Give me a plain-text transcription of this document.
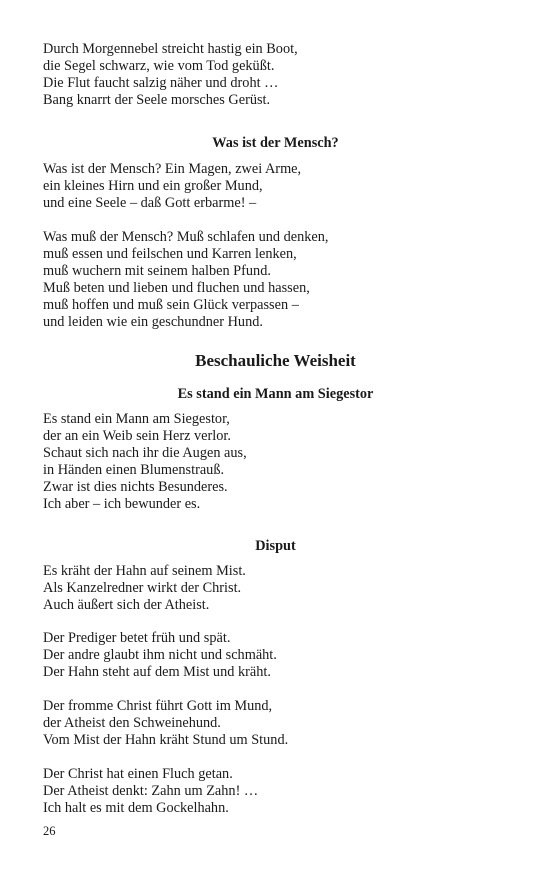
Durch Morgennebel streicht hastig ein Boot,
die Segel schwarz, wie vom Tod geküßt.
Die Flut faucht salzig näher und droht …
Bang knarrt der Seele morsches Gerüst.
Was ist der Mensch?
Was ist der Mensch? Ein Magen, zwei Arme,
ein kleines Hirn und ein großer Mund,
und eine Seele – daß Gott erbarme! –
Was muß der Mensch? Muß schlafen und denken,
muß essen und feilschen und Karren lenken,
muß wuchern mit seinem halben Pfund.
Muß beten und lieben und fluchen und hassen,
muß hoffen und muß sein Glück verpassen –
und leiden wie ein geschundner Hund.
Beschauliche Weisheit
Es stand ein Mann am Siegestor
Es stand ein Mann am Siegestor,
der an ein Weib sein Herz verlor.
Schaut sich nach ihr die Augen aus,
in Händen einen Blumenstrauß.
Zwar ist dies nichts Besunderes.
Ich aber – ich bewunder es.
Disput
Es kräht der Hahn auf seinem Mist.
Als Kanzelredner wirkt der Christ.
Auch äußert sich der Atheist.
Der Prediger betet früh und spät.
Der andre glaubt ihm nicht und schmäht.
Der Hahn steht auf dem Mist und kräht.
Der fromme Christ führt Gott im Mund,
der Atheist den Schweinehund.
Vom Mist der Hahn kräht Stund um Stund.
Der Christ hat einen Fluch getan.
Der Atheist denkt: Zahn um Zahn! …
Ich halt es mit dem Gockelhahn.
26
